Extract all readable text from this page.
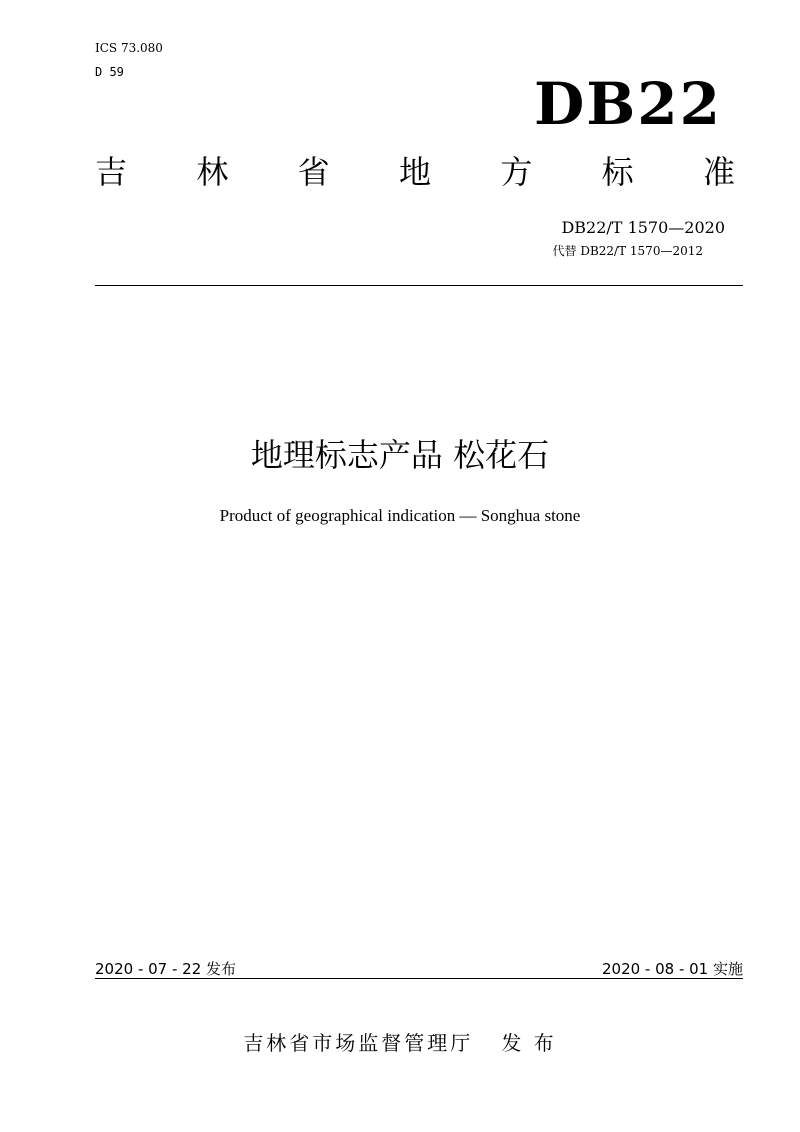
ICS 73.080
D 59	DB22
吉 林 省 地 方 标 准
DB22/T 1570—2020
代替 DB22/T 1570—2012
地理标志产品 松花石
Product of geographical indication — Songhua stone
2020 - 07 - 22 发布	2020 - 08 - 01 实施
吉林省市场监督管理厅 发 布
